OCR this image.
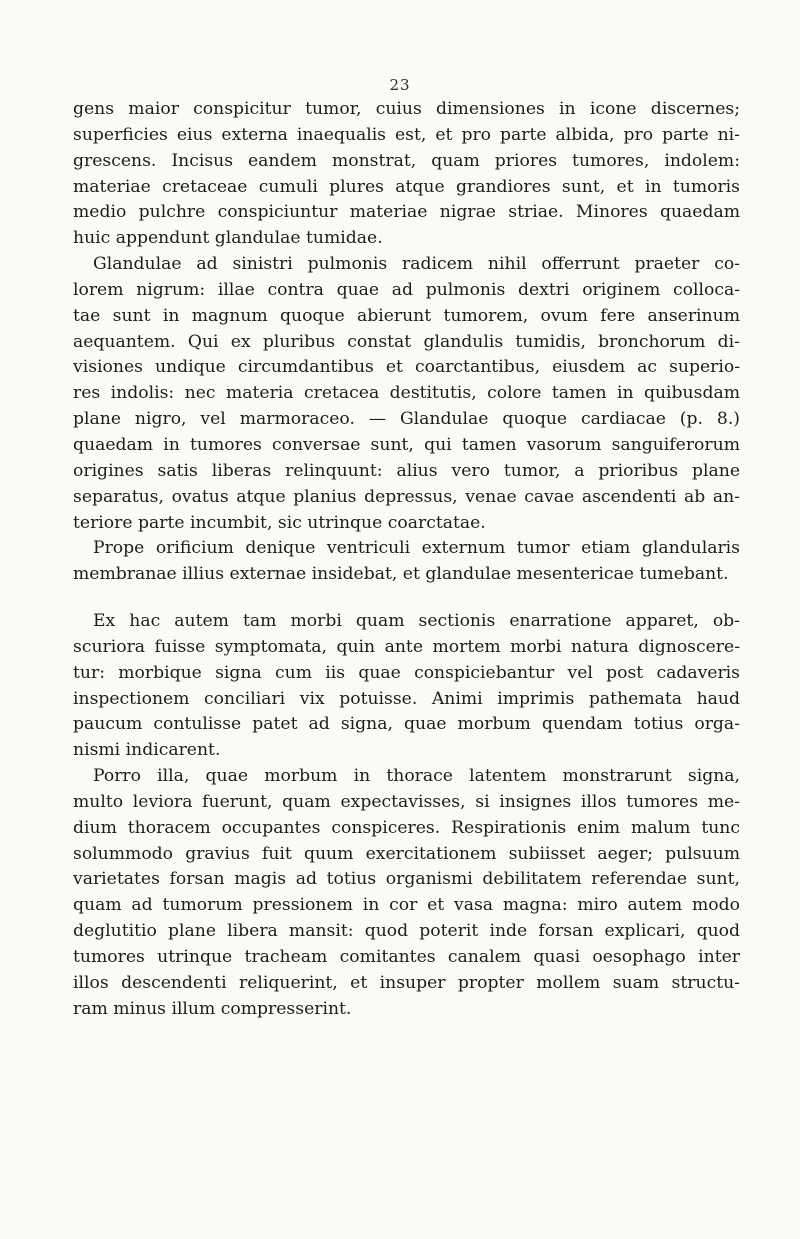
23
gens maior conspicitur tumor, cuius dimensiones in icone discernes;
superficies eius externa inaequalis est, et pro parte albida, pro parte ni-
grescens. Incisus eandem monstrat, quam priores tumores, indolem:
materiae cretaceae cumuli plures atque grandiores sunt, et in tumoris
medio pulchre conspiciuntur materiae nigrae striae. Minores quaedam
huic appendunt glandulae tumidae.
Glandulae ad sinistri pulmonis radicem nihil offerrunt praeter co-
lorem nigrum: illae contra quae ad pulmonis dextri originem colloca-
tae sunt in magnum quoque abierunt tumorem, ovum fere anserinum
aequantem. Qui ex pluribus constat glandulis tumidis, bronchorum di-
visiones undique circumdantibus et coarctantibus, eiusdem ac superio-
res indolis: nec materia cretacea destitutis, colore tamen in quibusdam
plane nigro, vel marmoraceo. — Glandulae quoque cardiacae (p. 8.)
quaedam in tumores conversae sunt, qui tamen vasorum sanguiferorum
origines satis liberas relinquunt: alius vero tumor, a prioribus plane
separatus, ovatus atque planius depressus, venae cavae ascendenti ab an-
teriore parte incumbit, sic utrinque coarctatae.
Prope orificium denique ventriculi externum tumor etiam glandularis
membranae illius externae insidebat, et glandulae mesentericae tumebant.
Ex hac autem tam morbi quam sectionis enarratione apparet, ob-
scuriora fuisse symptomata, quin ante mortem morbi natura dignoscere-
tur: morbique signa cum iis quae conspiciebantur vel post cadaveris
inspectionem conciliari vix potuisse. Animi imprimis pathemata haud
paucum contulisse patet ad signa, quae morbum quendam totius orga-
nismi indicarent.
Porro illa, quae morbum in thorace latentem monstrarunt signa,
multo leviora fuerunt, quam expectavisses, si insignes illos tumores me-
dium thoracem occupantes conspiceres. Respirationis enim malum tunc
solummodo gravius fuit quum exercitationem subiisset aeger; pulsuum
varietates forsan magis ad totius organismi debilitatem referendae sunt,
quam ad tumorum pressionem in cor et vasa magna: miro autem modo
deglutitio plane libera mansit: quod poterit inde forsan explicari, quod
tumores utrinque tracheam comitantes canalem quasi oesophago inter
illos descendenti reliquerint, et insuper propter mollem suam structu-
ram minus illum compresserint.
